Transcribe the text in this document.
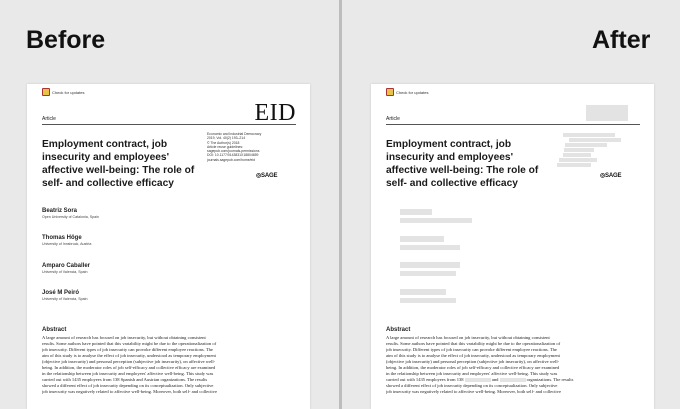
Before	After
Check for updates
EID
Article
Employment contract, job
insecurity and employees'
affective well-being: The role of
self- and collective efficacy
Economic and Industrial Democracy
2019, Vol. 40(2) 193–214
© The Author(s) 2018
Article reuse guidelines:
sagepub.com/journals-permissions
DOI: 10.1177/0143831X18804659
journals.sagepub.com/home/eid
◎SAGE
Beatriz Sora
Open University of Catalonia, Spain
Thomas Höge
University of Innsbruck, Austria
Amparo Caballer
University of Valencia, Spain
José M Peiró
University of Valencia, Spain
Abstract
A large amount of research has focused on job insecurity, but without obtaining consistent
results. Some authors have pointed that this variability might be due to the operationalization of
job insecurity. Different types of job insecurity can provoke different employee reactions. The
aim of this study is to analyse the effect of job insecurity, understood as temporary employment
(objective job insecurity) and personal perception (subjective job insecurity), on affective well-
being. In addition, the moderator roles of job self-efficacy and collective efficacy are examined
in the relationship between job insecurity and employees' affective well-being. This study was
carried out with 1435 employees from 138 Spanish and Austrian organizations. The results
showed a different effect of job insecurity depending on its conceptualization. Only subjective
job insecurity was negatively related to affective well-being. Moreover, both self- and collective
Check for updates
Article
Employment contract, job
insecurity and employees'
affective well-being: The role of
self- and collective efficacy
◎SAGE
Abstract
A large amount of research has focused on job insecurity, but without obtaining consistent
results. Some authors have pointed that this variability might be due to the operationalization of
job insecurity. Different types of job insecurity can provoke different employee reactions. The
aim of this study is to analyse the effect of job insecurity, understood as temporary employment
(objective job insecurity) and personal perception (subjective job insecurity), on affective well-
being. In addition, the moderator roles of job self-efficacy and collective efficacy are examined
in the relationship between job insecurity and employees' affective well-being. This study was
carried out with 1435 employees from 138	and	organizations. The results
showed a different effect of job insecurity depending on its conceptualization. Only subjective
job insecurity was negatively related to affective well-being. Moreover, both self- and collective
